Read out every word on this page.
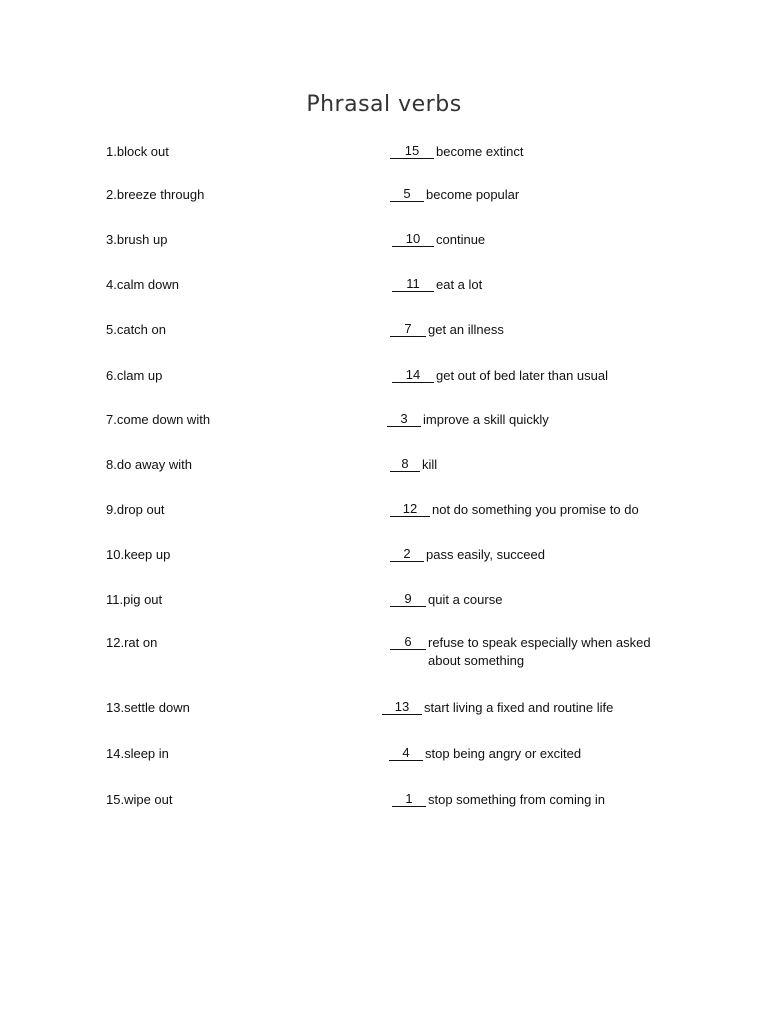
Phrasal verbs
1.block out	15	become extinct
2.breeze through	5	become popular
3.brush up	10	continue
4.calm down	11	eat a lot
5.catch on	7	get an illness
6.clam up	14	get out of bed later than usual
7.come down with	3	improve a skill quickly
8.do away with	8	kill
9.drop out	12	not do something you promise to do
10.keep up	2	pass easily, succeed
11.pig out	9	quit a course
12.rat on	6	refuse to speak especially when asked about something
13.settle down	13	start living a fixed and routine life
14.sleep in	4	stop being angry or excited
15.wipe out	1	stop something from coming in
